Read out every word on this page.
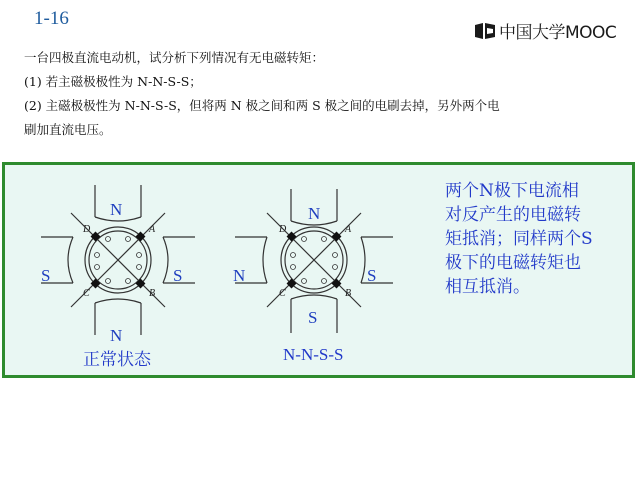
1-16
中国大学MOOC

一台四极直流电动机，试分析下列情况有无电磁转矩：

(1) 若主磁极极性为 N-N-S-S；

(2) 主磁极极性为 N-N-S-S，但将两 N 极之间和两 S 极之间的电刷去掉，另外两个电

刷加直流电压。

A
B
C
D
N
S	S
N
正常状态
A
B
C
D
N
N	S
S
N-N-S-S

两个N极下电流相

对反产生的电磁转

矩抵消；同样两个S

极下的电磁转矩也

相互抵消。
